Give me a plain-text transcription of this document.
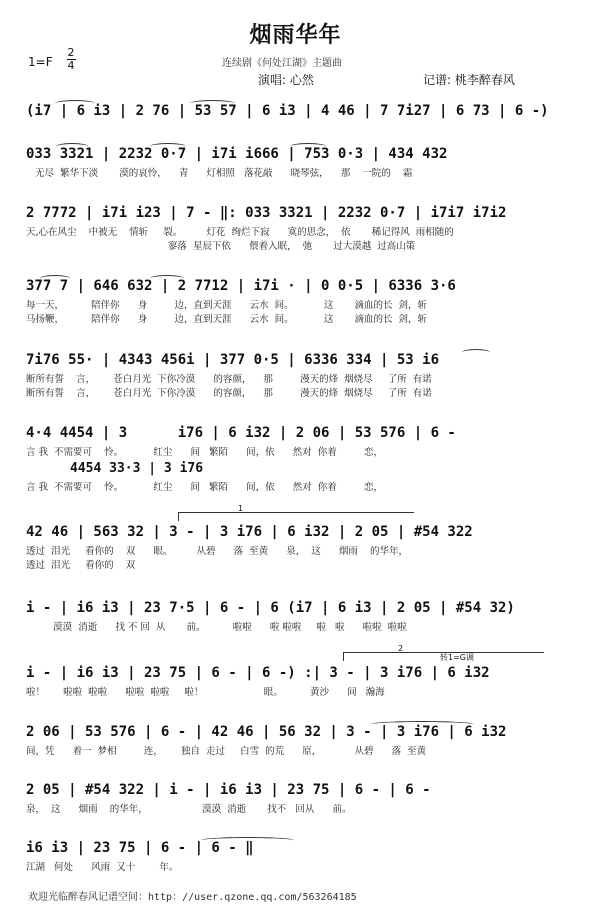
烟雨华年
1=F
2
4	连续剧《何处江湖》主题曲
演唱: 心然	记谱: 桃李醉春风
(i7 | 6 i3 | 2 76 | 53 57 | 6 i3 | 4 46 | 7 7i27 | 6 73 | 6 -)
033 3321 | 2232 0·7 | i7i i666 | 753 0·3 | 434 432
无尽  繁华下淡       漠的哀怜，    青      灯相照   落花敲      晓琴弦，    那    一院的    霜
2 7772 | i7i i23 | 7 - ‖: 033 3321 | 2232 0·7 | i7i7 i7i2
天,心在风尘    中被无    情斩     裂。        灯花  绚烂下寂      寞的思念，  依       稀记得风  雨相随的
寥落  星辰下依      偎着入眠，  弛       过大漠越  过高山策
377 7 | 646 632 | 2 7712 | i7i · | 0 0·5 | 6336 3·6
每一天，         陪伴你      身         边，直到天涯      云水  间。          这       滴血的长  剑，斩
马扬鞭，         陪伴你      身         边，直到天涯      云水  间。          这       滴血的长  剑，斩
7i76 55· | 4343 456i | 377 0·5 | 6336 334 | 53 i6
断所有誓    言，      苍白月光  下你冷漠      的容颜，    那         漫天的烽  烟烧尽     了所  有诺
断所有誓    言，      苍白月光  下你冷漠      的容颜，    那         漫天的烽  烟烧尽     了所  有诺
4·4 4454 | 3      i76 | 6 i32 | 2 06 | 53 576 | 6 -
言 我  不需要可    怜。          红尘      间   繁陌      间，依      然对  你着         恋，
4454 33·3 | 3 i76
言 我  不需要可    怜。          红尘      间   繁陌      间，依      然对  你着         恋，
42 46 | 563 32 | 3 - | 3 i76 | 6 i32 | 2 05 | #54 322
透过  泪光     看你的    双      眼。        从碧      落  至黄      泉，  这      烟雨    的华年，
透过  泪光     看你的    双
1
i - | i6 i3 | 23 7·5 | 6 - | 6 (i7 | 6 i3 | 2 05 | #54 32)
漠漠  消逝      找 不 回  从       前。         啦啦      啦 啦啦     啦   啦      啦啦  啦啦
i - | i6 i3 | 23 75 | 6 - | 6 -) :| 3 - | 3 i76 | 6 i32
啦！      啦啦  啦啦      啦啦  啦啦     啦！                    眼。         黄沙      间   瀚海
2
转1=G调
2 06 | 53 576 | 6 - | 42 46 | 56 32 | 3 - | 3 i76 | 6 i32
间，凭      着一  梦相         连，      独自  走过     白雪  的荒      原，           从碧      落  至黄
2 05 | #54 322 | i - | i6 i3 | 23 75 | 6 - | 6 -
泉，  这      烟雨    的华年，                  漠漠  消逝       找不   回从      前。
i6 i3 | 23 75 | 6 - | 6 - ‖
江湖   何处      风雨  又十        年。
欢迎光临醉春风记谱空间：http：//user.qzone.qq.com/563264185
